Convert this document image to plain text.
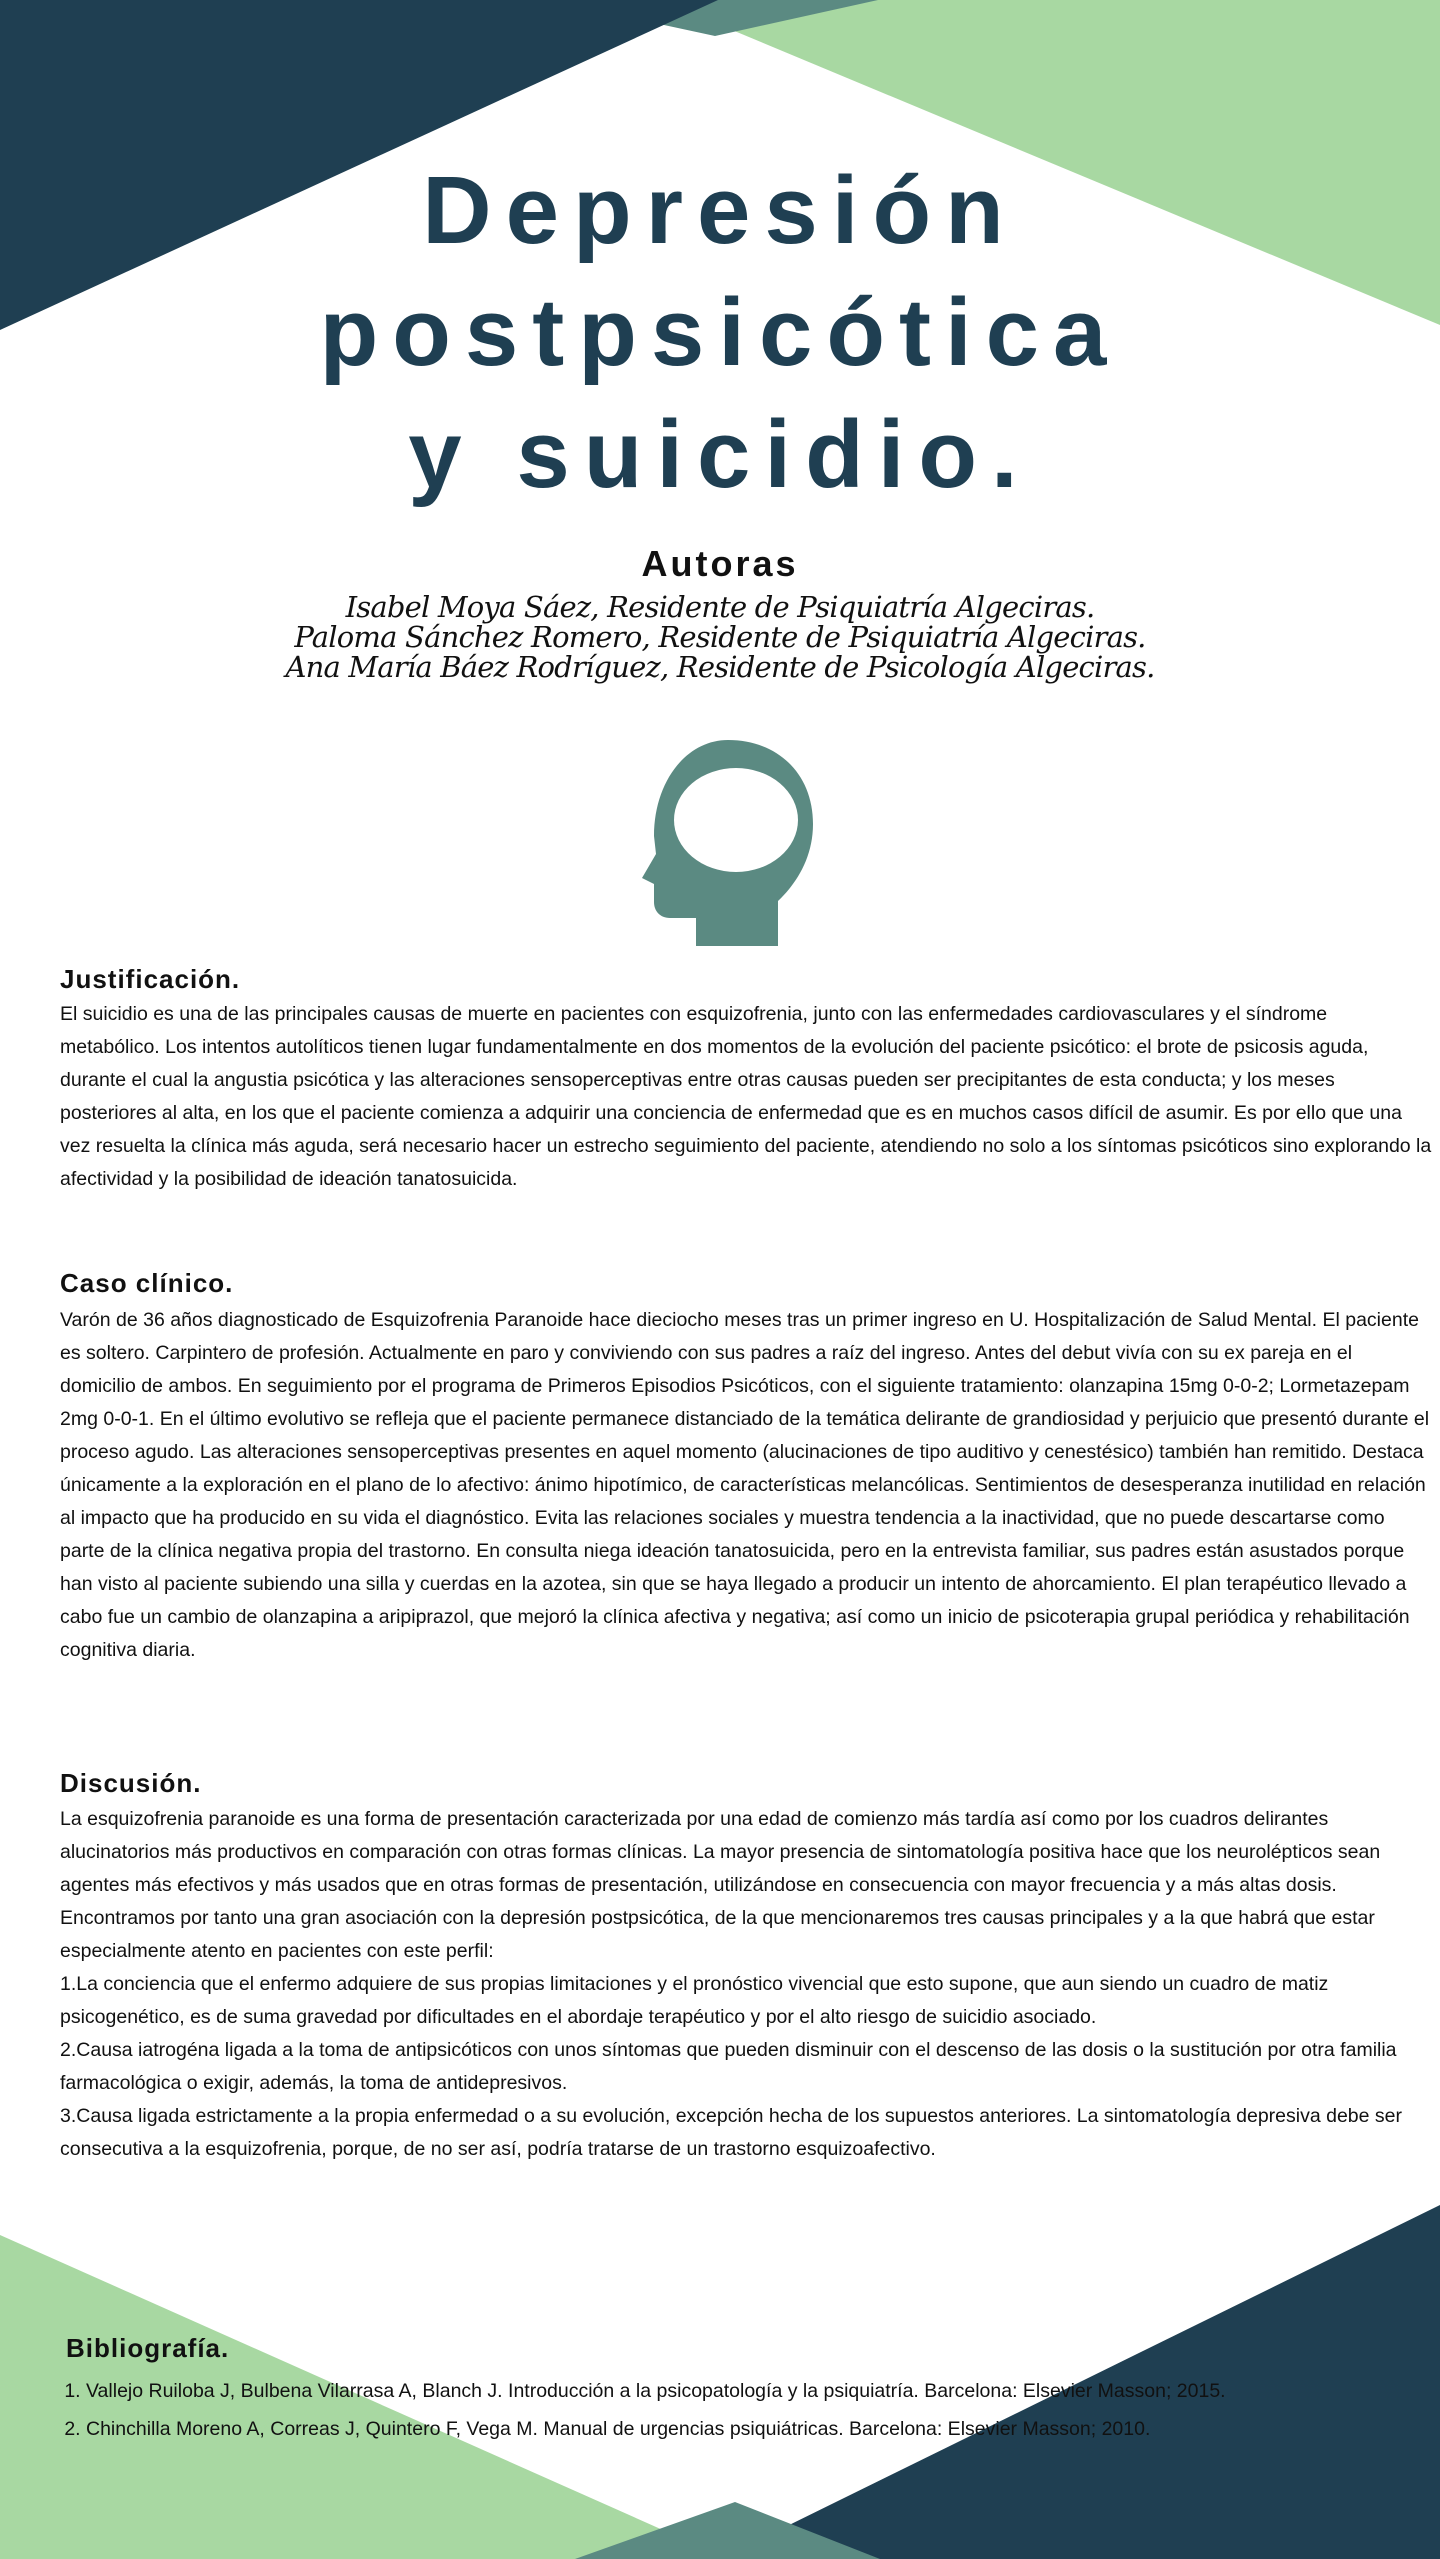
Depresión
postpsicótica
y suicidio.
Autoras
Isabel Moya Sáez, Residente de Psiquiatría Algeciras.
Paloma Sánchez Romero, Residente de Psiquiatría Algeciras.
Ana María Báez Rodríguez, Residente de Psicología Algeciras.
Justificación.

El suicidio es una de las principales causas de muerte en pacientes con esquizofrenia, junto con las enfermedades cardiovasculares y el síndrome metabólico. Los intentos autolíticos tienen lugar fundamentalmente en dos momentos de la evolución del paciente psicótico: el brote de psicosis aguda, durante el cual la angustia psicótica y las alteraciones sensoperceptivas entre otras causas pueden ser precipitantes de esta conducta; y los meses posteriores al alta, en los que el paciente comienza a adquirir una conciencia de enfermedad que es en muchos casos difícil de asumir. Es por ello que una vez resuelta la clínica más aguda, será necesario hacer un estrecho seguimiento del paciente, atendiendo no solo a los síntomas psicóticos sino explorando la afectividad y la posibilidad de ideación tanatosuicida.

Caso clínico.

Varón de 36 años diagnosticado de Esquizofrenia Paranoide hace dieciocho meses tras un primer ingreso en U. Hospitalización de Salud Mental. El paciente es soltero. Carpintero de profesión. Actualmente en paro y conviviendo con sus padres a raíz del ingreso. Antes del debut vivía con su ex pareja en el domicilio de ambos. En seguimiento por el programa de Primeros Episodios Psicóticos, con el siguiente tratamiento: olanzapina 15mg 0-0-2; Lormetazepam 2mg 0-0-1. En el último evolutivo se refleja que el paciente permanece distanciado de la temática delirante de grandiosidad y perjuicio que presentó durante el proceso agudo. Las alteraciones sensoperceptivas presentes en aquel momento (alucinaciones de tipo auditivo y cenestésico) también han remitido. Destaca únicamente a la exploración en el plano de lo afectivo: ánimo hipotímico, de características melancólicas. Sentimientos de desesperanza inutilidad en relación al impacto que ha producido en su vida el diagnóstico. Evita las relaciones sociales y muestra tendencia a la inactividad, que no puede descartarse como parte de la clínica negativa propia del trastorno. En consulta niega ideación tanatosuicida, pero en la entrevista familiar, sus padres están asustados porque han visto al paciente subiendo una silla y cuerdas en la azotea, sin que se haya llegado a producir un intento de ahorcamiento. El plan terapéutico llevado a cabo fue un cambio de olanzapina a aripiprazol, que mejoró la clínica afectiva y negativa; así como un inicio de psicoterapia grupal periódica y rehabilitación cognitiva diaria.

Discusión.

La esquizofrenia paranoide es una forma de presentación caracterizada por una edad de comienzo más tardía así como por los cuadros delirantes alucinatorios más productivos en comparación con otras formas clínicas. La mayor presencia de sintomatología positiva hace que los neurolépticos sean agentes más efectivos y más usados que en otras formas de presentación, utilizándose en consecuencia con mayor frecuencia y a más altas dosis. Encontramos por tanto una gran asociación con la depresión postpsicótica, de la que mencionaremos tres causas principales y a la que habrá que estar especialmente atento en pacientes con este perfil:

1.La conciencia que el enfermo adquiere de sus propias limitaciones y el pronóstico vivencial que esto supone, que aun siendo un cuadro de matiz psicogenético, es de suma gravedad por dificultades en el abordaje terapéutico y por el alto riesgo de suicidio asociado.

2.Causa iatrogéna ligada a la toma de antipsicóticos con unos síntomas que pueden disminuir con el descenso de las dosis o la sustitución por otra familia farmacológica o exigir, además, la toma de antidepresivos.

3.Causa ligada estrictamente a la propia enfermedad o a su evolución, excepción hecha de los supuestos anteriores. La sintomatología depresiva debe ser consecutiva a la esquizofrenia, porque, de no ser así, podría tratarse de un trastorno esquizoafectivo.

Bibliografía.
1. Vallejo Ruiloba J, Bulbena Vilarrasa A, Blanch J. Introducción a la psicopatología y la psiquiatría. Barcelona: Elsevier Masson; 2015.
2. Chinchilla Moreno A, Correas J, Quintero F, Vega M. Manual de urgencias psiquiátricas. Barcelona: Elsevier Masson; 2010.
